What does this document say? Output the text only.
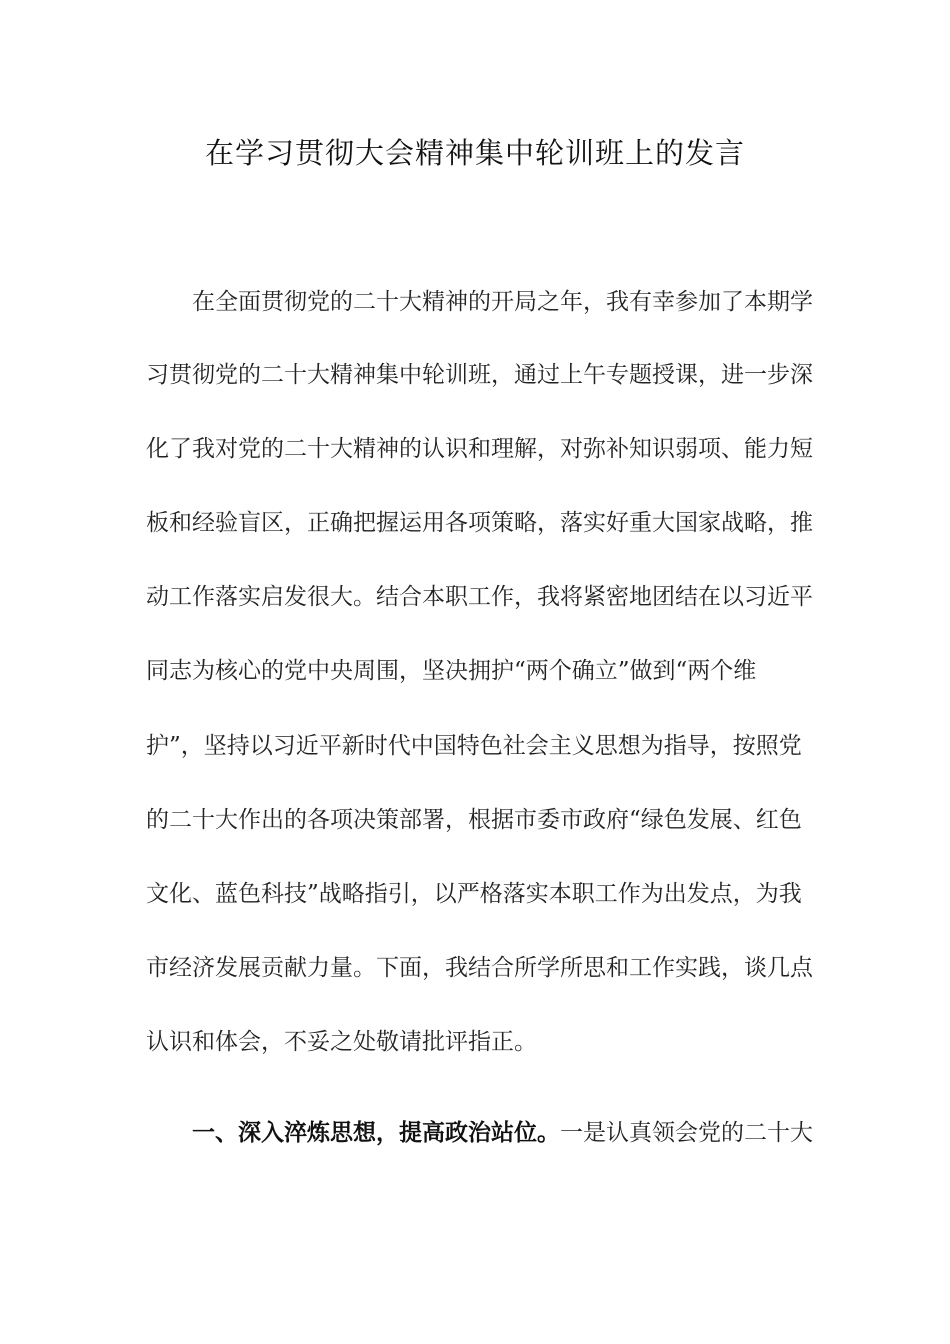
在学习贯彻大会精神集中轮训班上的发言
在全面贯彻党的二十大精神的开局之年，我有幸参加了本期学
习贯彻党的二十大精神集中轮训班，通过上午专题授课，进一步深
化了我对党的二十大精神的认识和理解，对弥补知识弱项、能力短
板和经验盲区，正确把握运用各项策略，落实好重大国家战略，推
动工作落实启发很大。结合本职工作，我将紧密地团结在以习近平
同志为核心的党中央周围，坚决拥护“两个确立”做到“两个维
护”，坚持以习近平新时代中国特色社会主义思想为指导，按照党
的二十大作出的各项决策部署，根据市委市政府“绿色发展、红色
文化、蓝色科技”战略指引，以严格落实本职工作为出发点，为我
市经济发展贡献力量。下面，我结合所学所思和工作实践，谈几点
认识和体会，不妥之处敬请批评指正。
一、深入淬炼思想，提高政治站位。一是认真领会党的二十大
